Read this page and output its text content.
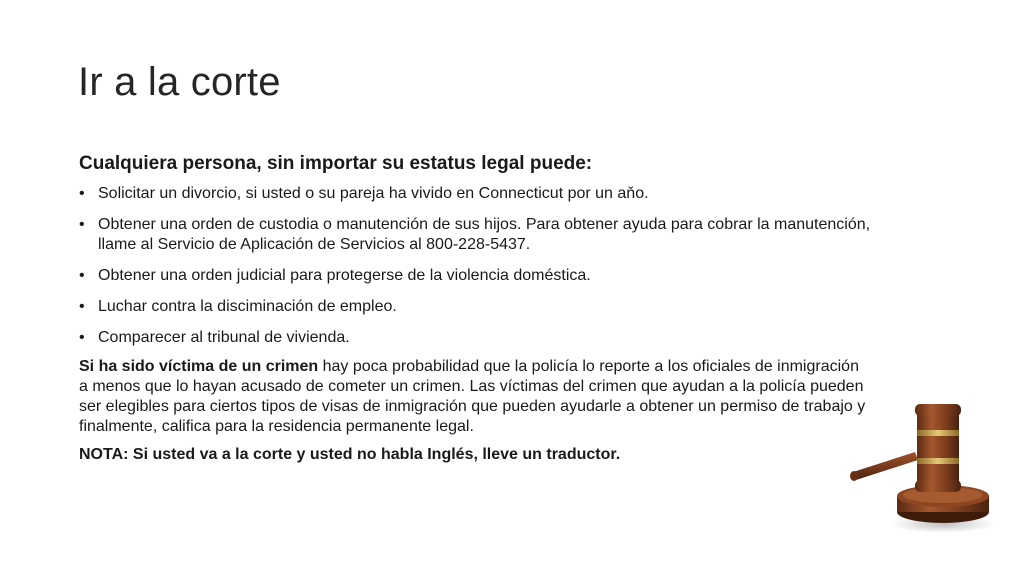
Ir a la corte
Cualquiera persona, sin importar su estatus legal puede:
• Solicitar un divorcio, si usted o su pareja ha vivido en Connecticut por un aňo.
• Obtener una orden de custodia o manutención de sus hijos. Para obtener ayuda para cobrar la manutención, llame al Servicio de Aplicación de Servicios al 800-228-5437.
• Obtener una orden judicial para protegerse de la violencia doméstica.
• Luchar contra la disciminación de empleo.
• Comparecer al tribunal de vivienda.
Si ha sido víctima de un crimen hay poca probabilidad que la policía lo reporte a los oficiales de inmigración a menos que lo hayan acusado de cometer un crimen. Las víctimas del crimen que ayudan a la policía pueden ser elegibles para ciertos tipos de visas de inmigración que pueden ayudarle a obtener un permiso de trabajo y finalmente, califica para la residencia permanente legal.
NOTA: Si usted va a la corte y usted no habla Inglés, lleve un traductor.
